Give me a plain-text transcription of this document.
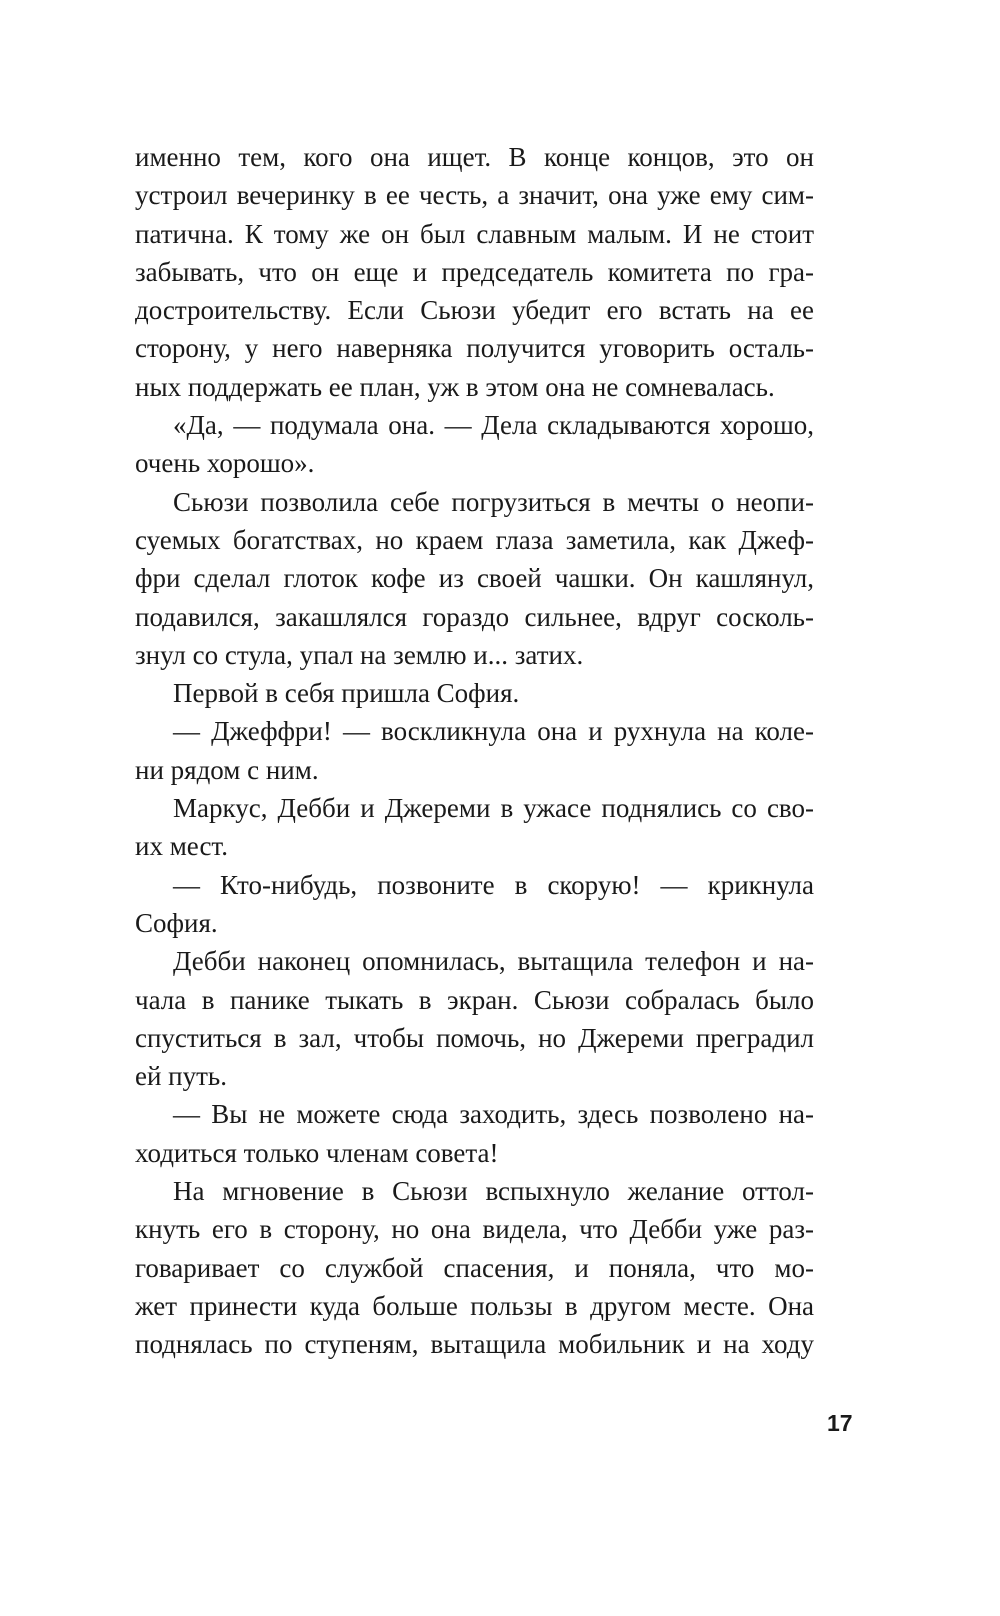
именно тем, кого она ищет. В конце концов, это он
устроил вечеринку в ее честь, а значит, она уже ему сим-
патична. К тому же он был славным малым. И не стоит
забывать, что он еще и председатель комитета по гра-
достроительству. Если Сьюзи убедит его встать на ее
сторону, у него наверняка получится уговорить осталь-
ных поддержать ее план, уж в этом она не сомневалась.
«Да, — подумала она. — Дела складываются хорошо,
очень хорошо».
Сьюзи позволила себе погрузиться в мечты о неопи-
суемых богатствах, но краем глаза заметила, как Джеф-
фри сделал глоток кофе из своей чашки. Он кашлянул,
подавился, закашлялся гораздо сильнее, вдруг сосколь-
знул со стула, упал на землю и... затих.
Первой в себя пришла София.
— Джеффри! — воскликнула она и рухнула на коле-
ни рядом с ним.
Маркус, Дебби и Джереми в ужасе поднялись со сво-
их мест.
— Кто-нибудь, позвоните в скорую! — крикнула
София.
Дебби наконец опомнилась, вытащила телефон и на-
чала в панике тыкать в экран. Сьюзи собралась было
спуститься в зал, чтобы помочь, но Джереми преградил
ей путь.
— Вы не можете сюда заходить, здесь позволено на-
ходиться только членам совета!
На мгновение в Сьюзи вспыхнуло желание оттол-
кнуть его в сторону, но она видела, что Дебби уже раз-
говаривает со службой спасения, и поняла, что мо-
жет принести куда больше пользы в другом месте. Она
поднялась по ступеням, вытащила мобильник и на ходу
17
